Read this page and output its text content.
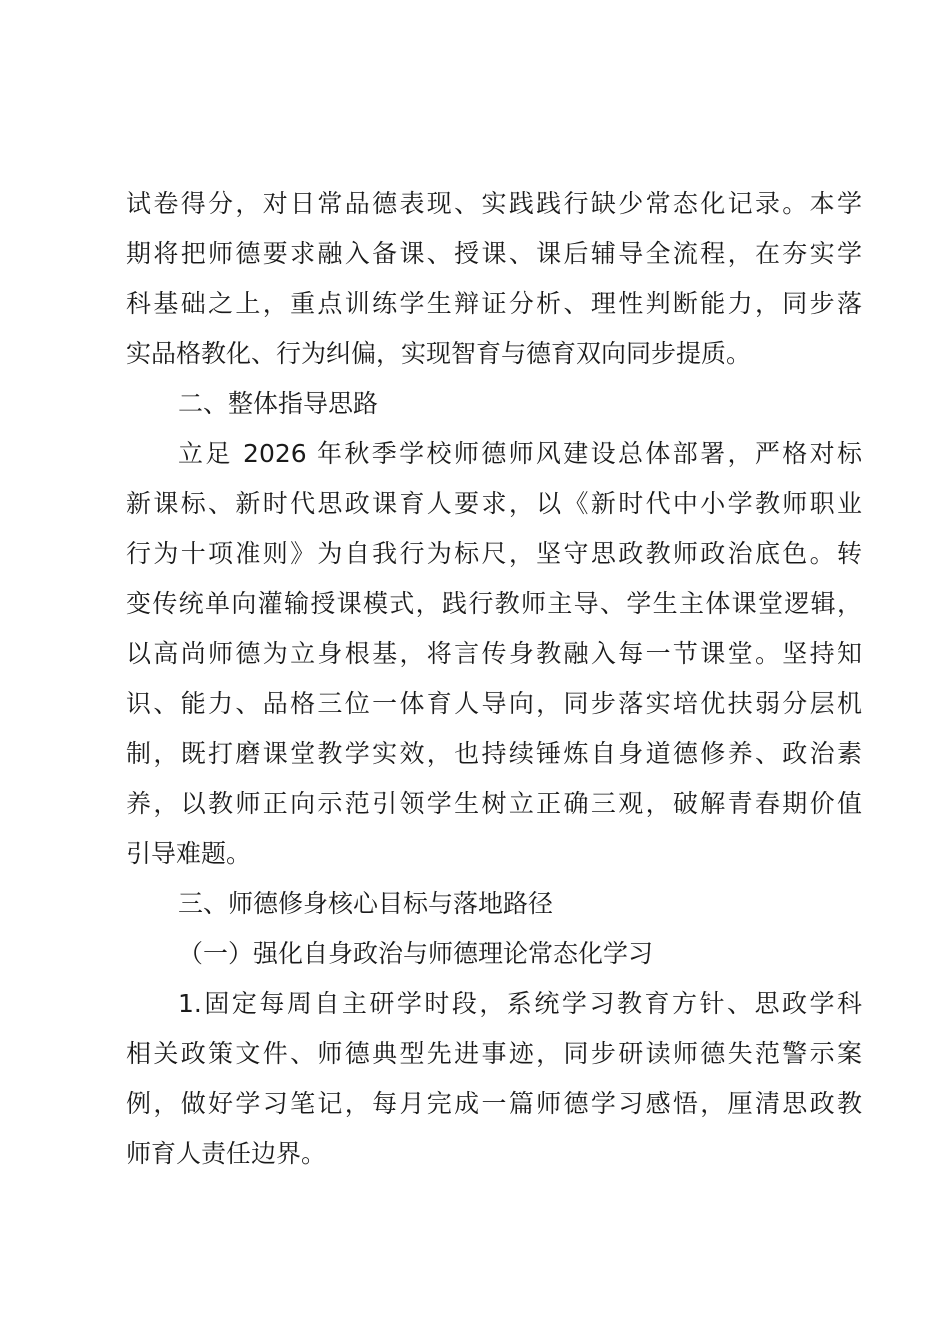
试卷得分，对日常品德表现、实践践行缺少常态化记录。本学
期将把师德要求融入备课、授课、课后辅导全流程，在夯实学
科基础之上，重点训练学生辩证分析、理性判断能力，同步落
实品格教化、行为纠偏，实现智育与德育双向同步提质。
二、整体指导思路
立足 2026 年秋季学校师德师风建设总体部署，严格对标
新课标、新时代思政课育人要求，以《新时代中小学教师职业
行为十项准则》为自我行为标尺，坚守思政教师政治底色。转
变传统单向灌输授课模式，践行教师主导、学生主体课堂逻辑，
以高尚师德为立身根基，将言传身教融入每一节课堂。坚持知
识、能力、品格三位一体育人导向，同步落实培优扶弱分层机
制，既打磨课堂教学实效，也持续锤炼自身道德修养、政治素
养，以教师正向示范引领学生树立正确三观，破解青春期价值
引导难题。
三、师德修身核心目标与落地路径
（一）强化自身政治与师德理论常态化学习
1.固定每周自主研学时段，系统学习教育方针、思政学科
相关政策文件、师德典型先进事迹，同步研读师德失范警示案
例，做好学习笔记，每月完成一篇师德学习感悟，厘清思政教
师育人责任边界。
